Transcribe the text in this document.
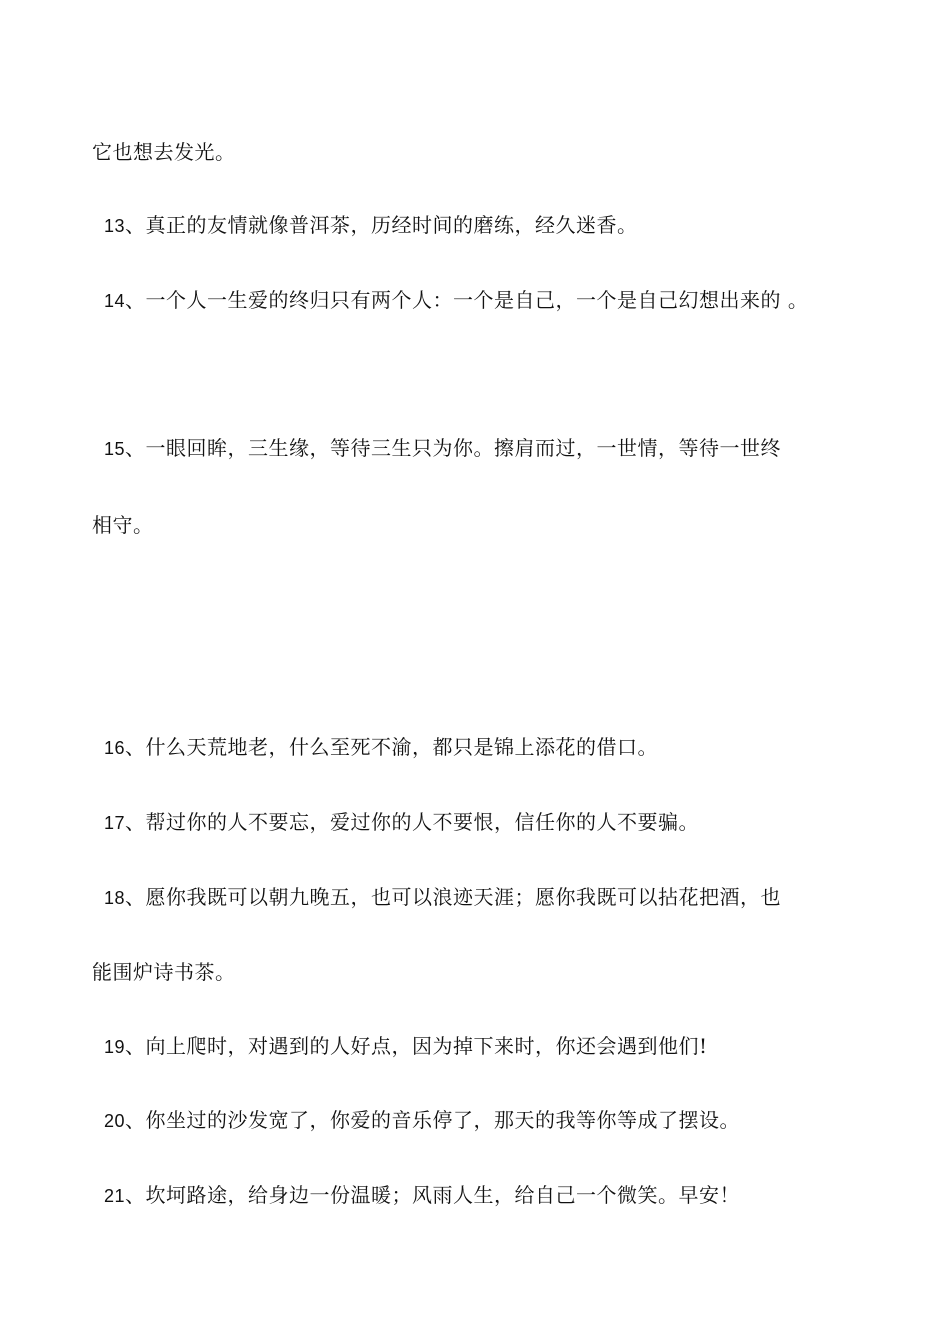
它也想去发光。
13、真正的友情就像普洱茶，历经时间的磨练，经久迷香。
14、一个人一生爱的终归只有两个人：一个是自己，一个是自己幻想出来的 。
15、一眼回眸，三生缘，等待三生只为你。擦肩而过，一世情，等待一世终
相守。
16、什么天荒地老，什么至死不渝，都只是锦上添花的借口。
17、帮过你的人不要忘，爱过你的人不要恨，信任你的人不要骗。
18、愿你我既可以朝九晚五，也可以浪迹天涯；愿你我既可以拈花把酒，也
能围炉诗书茶。
19、向上爬时，对遇到的人好点，因为掉下来时，你还会遇到他们!
20、你坐过的沙发宽了，你爱的音乐停了，那天的我等你等成了摆设。
21、坎坷路途，给身边一份温暖；风雨人生，给自己一个微笑。早安！
